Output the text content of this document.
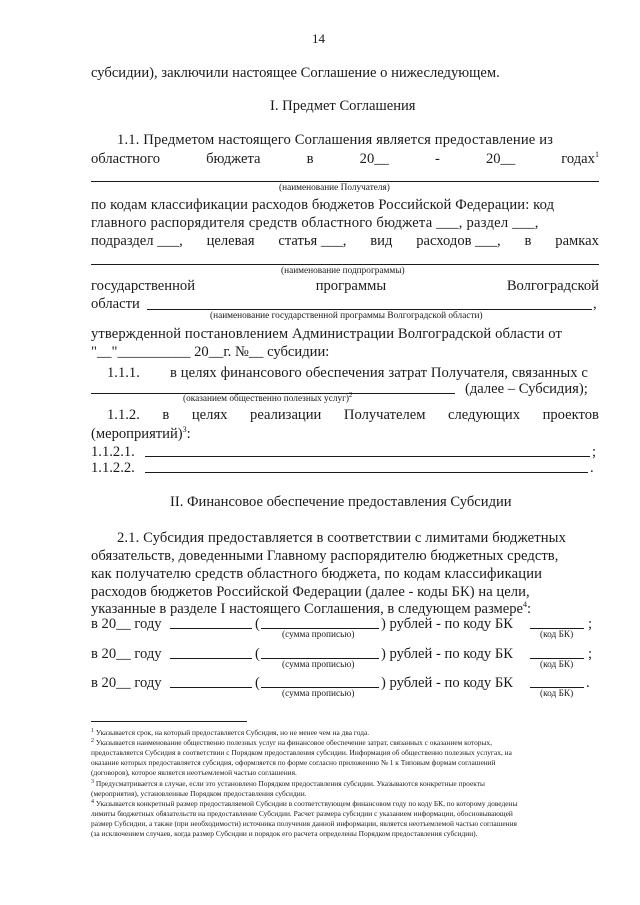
14
субсидии), заключили настоящее Соглашение о нижеследующем.
I. Предмет Соглашения
1.1. Предметом настоящего Соглашения является предоставление из
областного	бюджета	в	20__	-	20__	годах$^1$
(наименование Получателя)
по кодам классификации расходов бюджетов Российской Федерации: код
главного распорядителя средств областного бюджета ___, раздел ___,
подраздел ___, целевая статья ___, вид расходов ___, в рамках
(наименование подпрограммы)
государственной	программы	Волгоградской
области	,
(наименование государственной программы Волгоградской области)
утвержденной постановлением Администрации Волгоградской области от
"__"__________ 20__г. №__ субсидии:
1.1.1. в целях финансового обеспечения затрат Получателя, связанных с
(далее – Субсидия);
(оказанием общественно полезных услуг)$^2$
1.1.2. в целях реализации Получателем следующих проектов
(мероприятий)$^3$:
1.1.2.1.	;
1.1.2.2.	.
II. Финансовое обеспечение предоставления Субсидии
2.1. Субсидия предоставляется в соответствии с лимитами бюджетных
обязательств, доведенными Главному распорядителю бюджетных средств,
как получателю средств областного бюджета, по кодам классификации
расходов бюджетов Российской Федерации (далее - коды БК) на цели,
указанные в разделе I настоящего Соглашения, в следующем размере$^4$:
в 20__ году	(	) рублей - по коду БК	;
(сумма прописью)	(код БК)
в 20__ году	(	) рублей - по коду БК	;
(сумма прописью)	(код БК)
в 20__ году	(	) рублей - по коду БК	.
(сумма прописью)	(код БК)
$^1$ Указывается срок, на который предоставляется Субсидия, но не менее чем на два года.
$^2$ Указывается наименование общественно полезных услуг на финансовое обеспечение затрат, связанных с оказанием которых,
предоставляется Субсидия в соответствии с Порядком предоставления субсидии. Информация об общественно полезных услугах, на
оказание которых предоставляется субсидия, оформляется по форме согласно приложению № 1 к Типовым формам соглашений
(договоров), которое является неотъемлемой частью соглашения.
$^3$ Предусматривается в случае, если это установлено Порядком предоставления субсидии. Указываются конкретные проекты
(мероприятия), установленные Порядком предоставления субсидии.
$^4$ Указывается конкретный размер предоставляемой Субсидии в соответствующем финансовом году по коду БК, по которому доведены
лимиты бюджетных обязательств на предоставление Субсидии. Расчет размера субсидии с указанием информации, обосновывающей
размер Субсидии, а также (при необходимости) источника получения данной информации, является неотъемлемой частью соглашения
(за исключением случаев, когда размер Субсидии и порядок его расчета определены Порядком предоставления субсидии).
